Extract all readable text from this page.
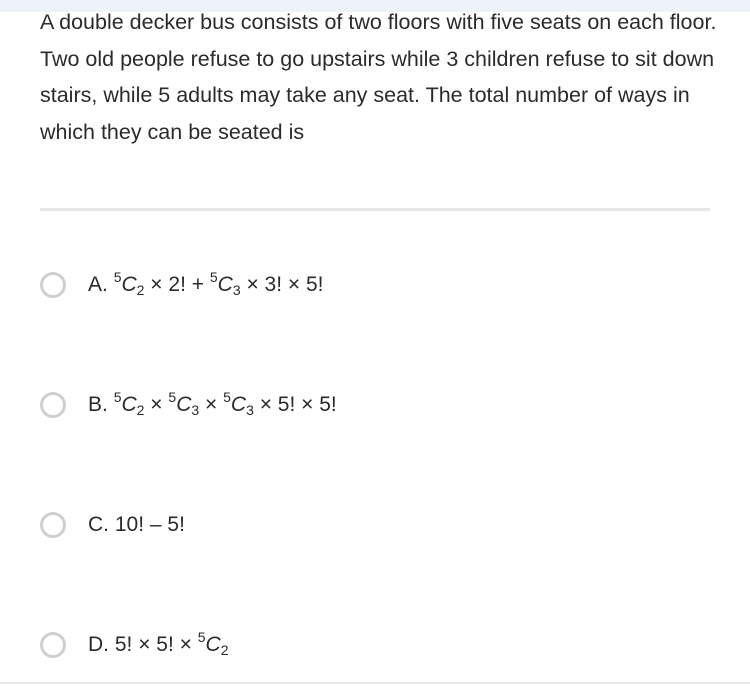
A double decker bus consists of two floors with five seats on each floor. Two old people refuse to go upstairs while 3 children refuse to sit down stairs, while 5 adults may take any seat. The total number of ways in which they can be seated is
A. $^5C_2 \times 2$! + $^5C_3 \times 3$! × 5!
B. $^5C_2 \times ^5C_3 \times ^5C_3 \times 5$! × 5!
C. 10! – 5!
D. 5! × 5! × $^5C_2$
